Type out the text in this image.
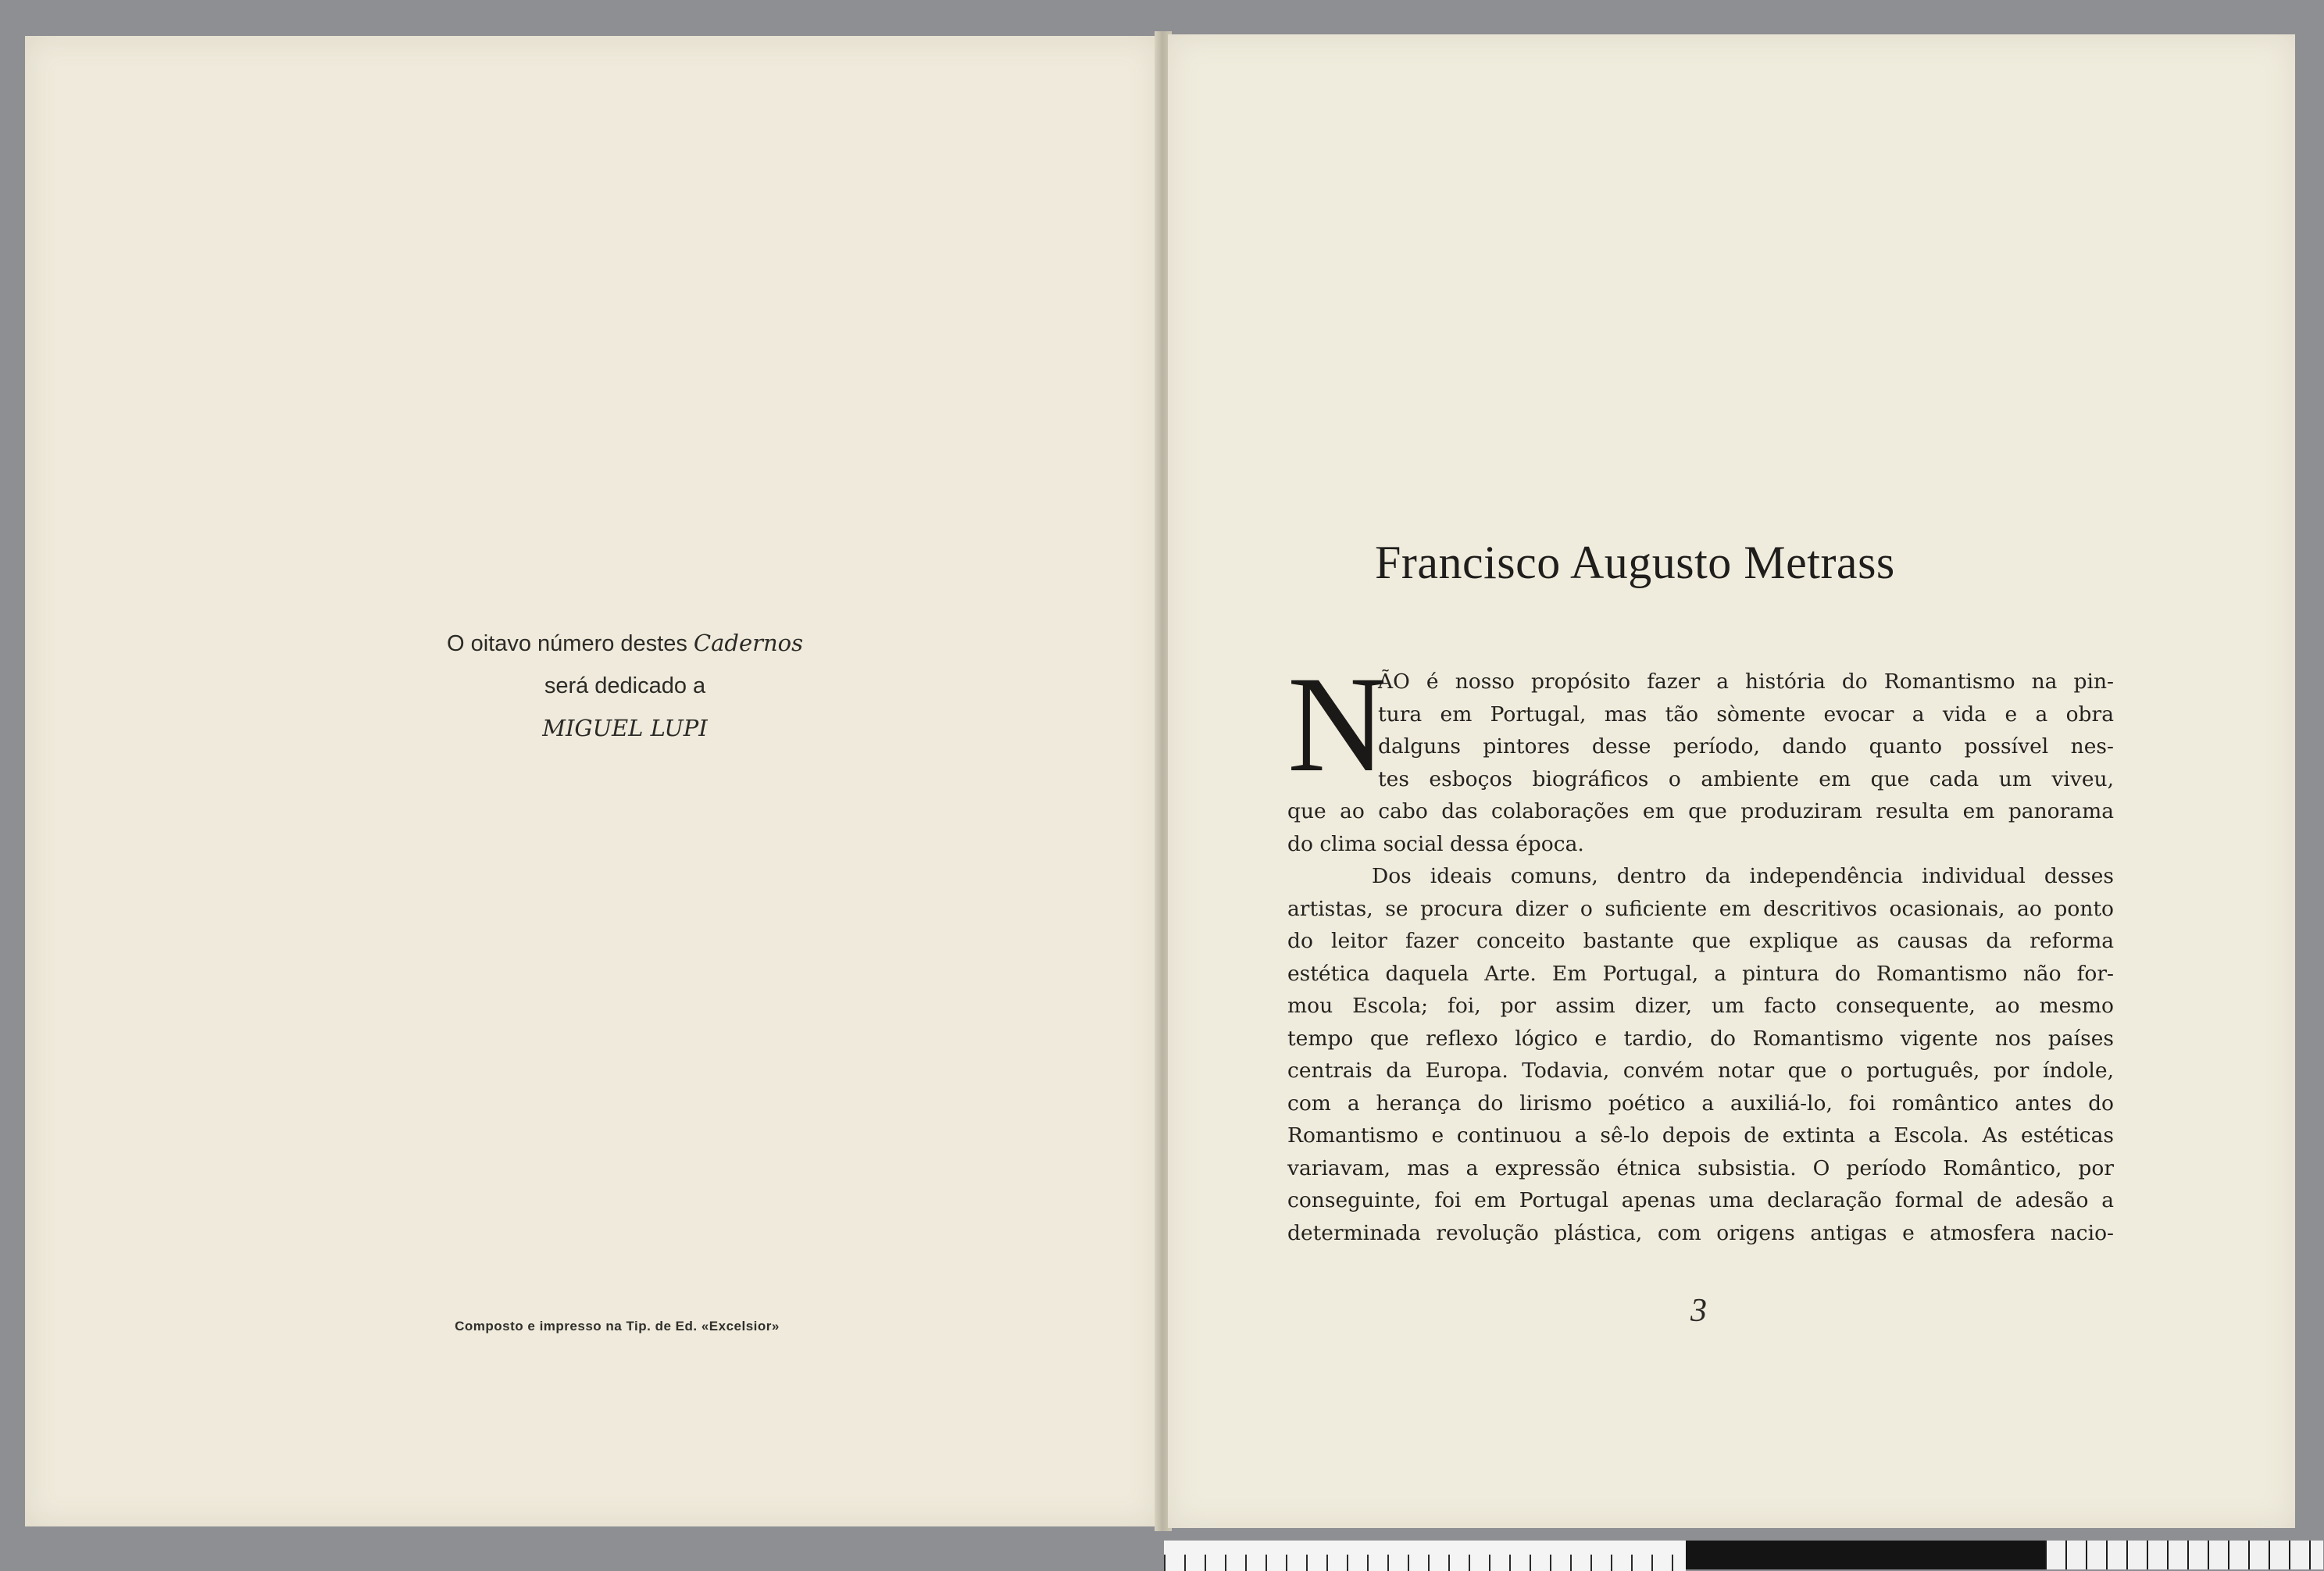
O oitavo número destes Cadernos
será dedicado a
MIGUEL LUPI
Composto e impresso na Tip. de Ed. «Excelsior»
Francisco Augusto Metrass
N
ÃO é nosso propósito fazer a história do Romantismo na pin-
tura em Portugal, mas tão sòmente evocar a vida e a obra
dalguns pintores desse período, dando quanto possível nes-
tes esboços biográficos o ambiente em que cada um viveu,
que ao cabo das colaborações em que produziram resulta em panorama
do clima social dessa época.
Dos ideais comuns, dentro da independência individual desses
artistas, se procura dizer o suficiente em descritivos ocasionais, ao ponto
do leitor fazer conceito bastante que explique as causas da reforma
estética daquela Arte. Em Portugal, a pintura do Romantismo não for-
mou Escola; foi, por assim dizer, um facto consequente, ao mesmo
tempo que reflexo lógico e tardio, do Romantismo vigente nos países
centrais da Europa. Todavia, convém notar que o português, por índole,
com a herança do lirismo poético a auxiliá-lo, foi romântico antes do
Romantismo e continuou a sê-lo depois de extinta a Escola. As estéticas
variavam, mas a expressão étnica subsistia. O período Romântico, por
conseguinte, foi em Portugal apenas uma declaração formal de adesão a
determinada revolução plástica, com origens antigas e atmosfera nacio-
3
